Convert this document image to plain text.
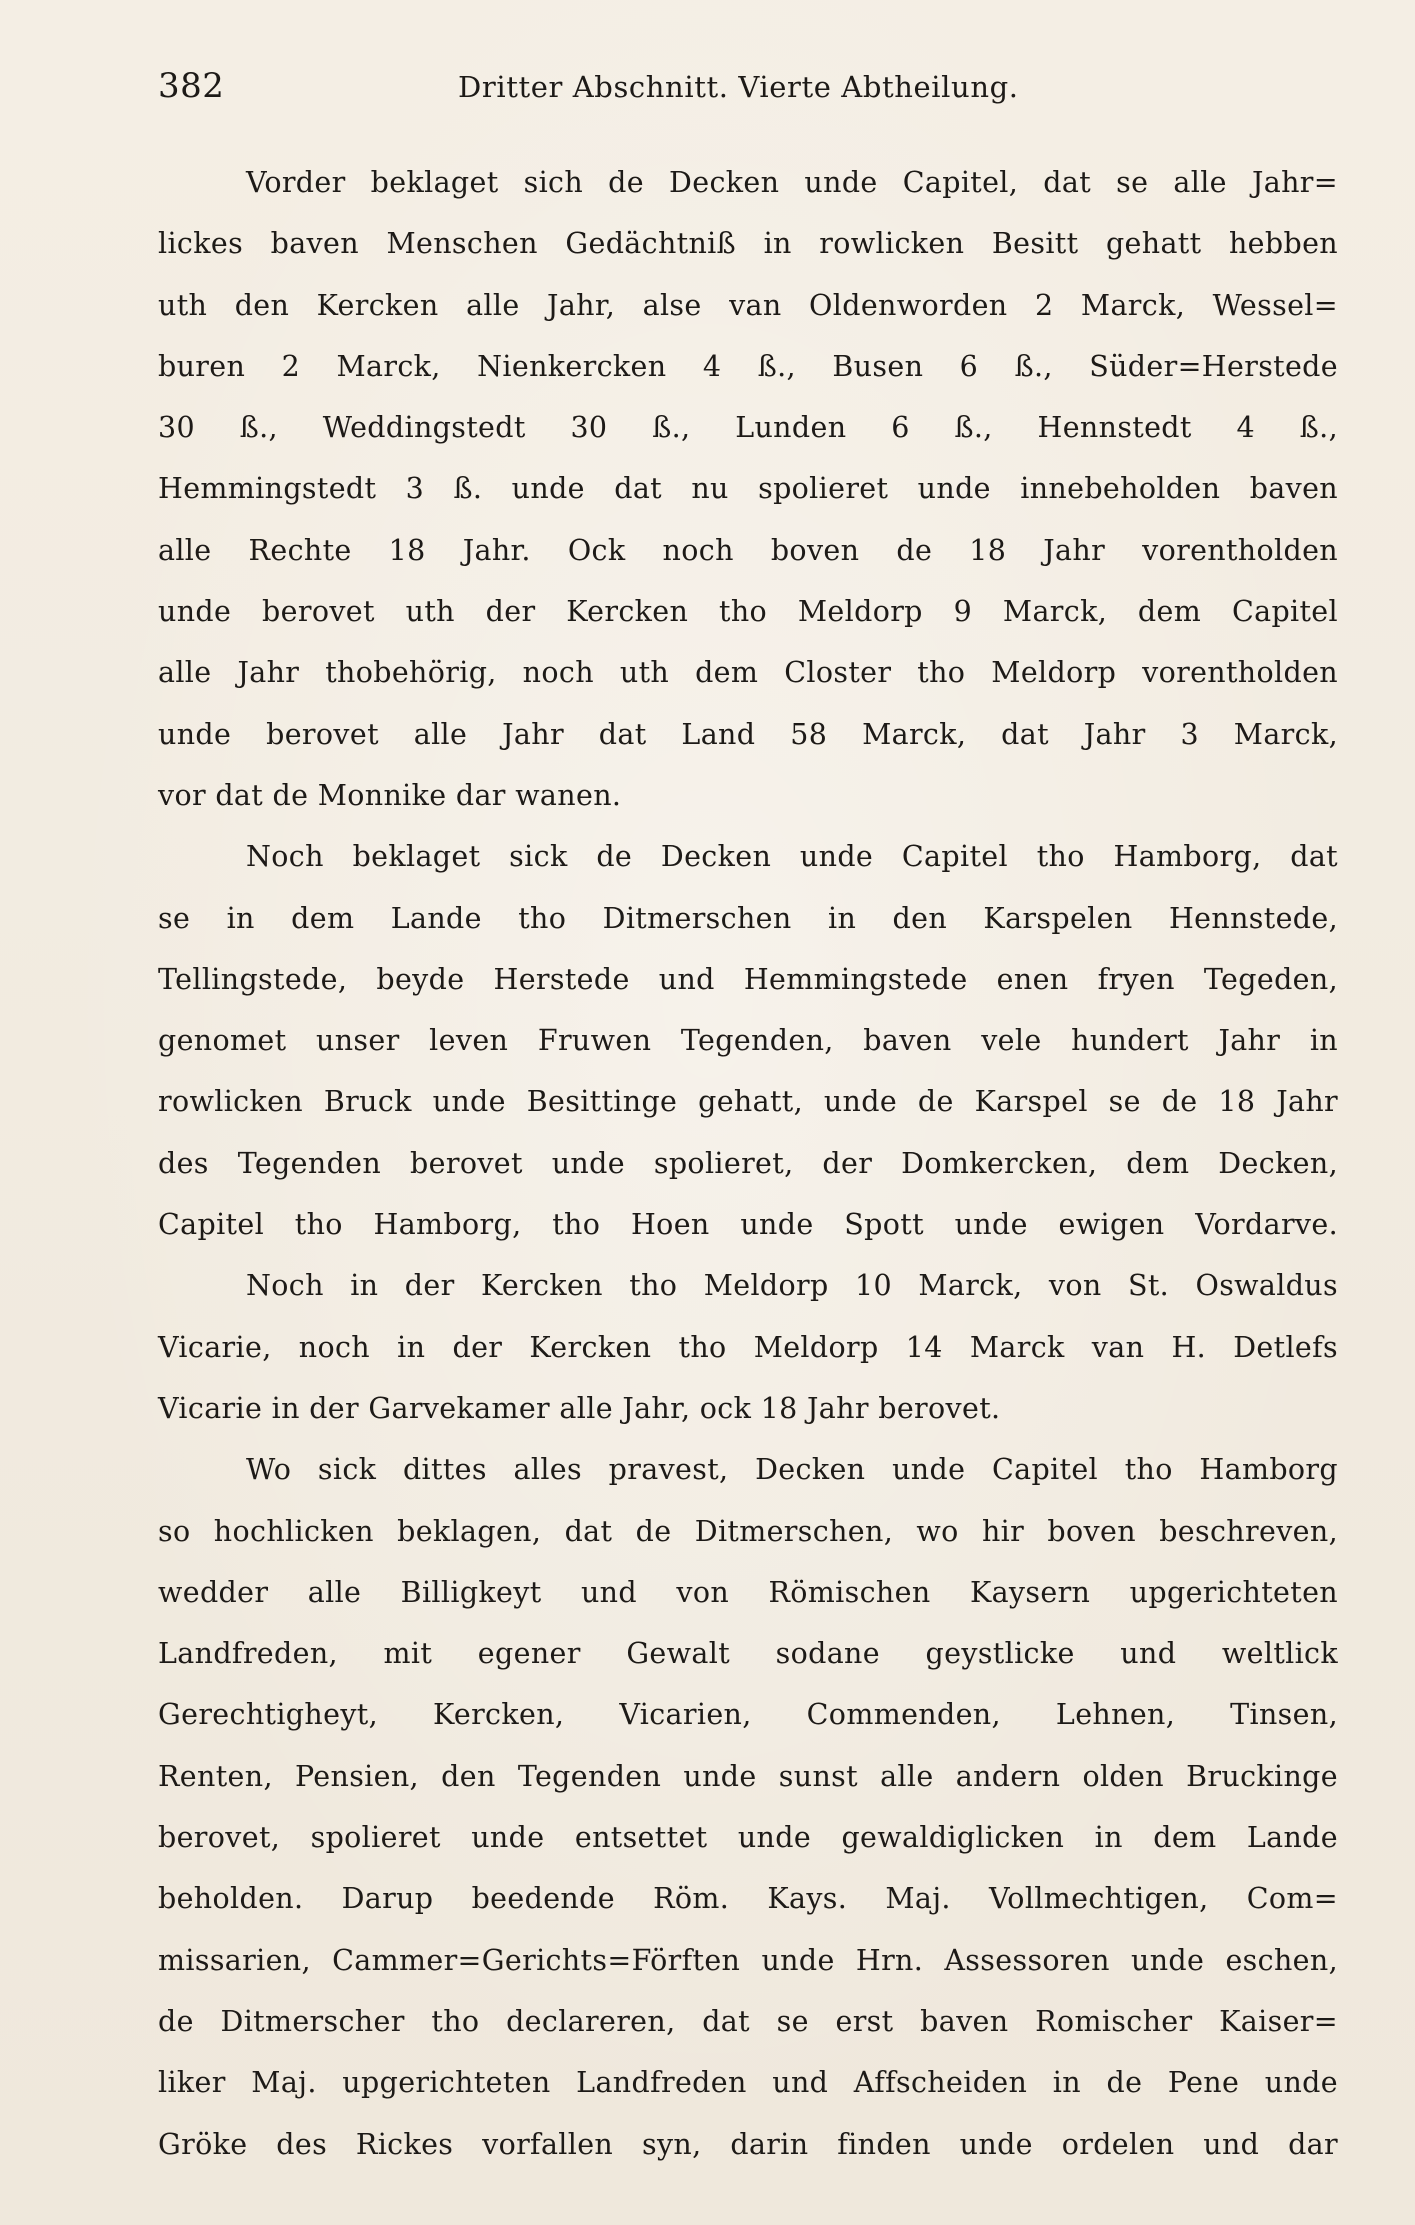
382	Dritter Abschnitt. Vierte Abtheilung.
Vorder beklaget sich de Decken unde Capitel, dat se alle Jahr=
lickes baven Menschen Gedächtniß in rowlicken Besitt gehatt hebben
uth den Kercken alle Jahr, alse van Oldenworden 2 Marck, Wessel=
buren 2 Marck, Nienkercken 4 ß., Busen 6 ß., Süder=Herstede
30 ß., Weddingstedt 30 ß., Lunden 6 ß., Hennstedt 4 ß.,
Hemmingstedt 3 ß. unde dat nu spolieret unde innebeholden baven
alle Rechte 18 Jahr. Ock noch boven de 18 Jahr vorentholden
unde berovet uth der Kercken tho Meldorp 9 Marck, dem Capitel
alle Jahr thobehörig, noch uth dem Closter tho Meldorp vorentholden
unde berovet alle Jahr dat Land 58 Marck, dat Jahr 3 Marck,
vor dat de Monnike dar wanen.
Noch beklaget sick de Decken unde Capitel tho Hamborg, dat
se in dem Lande tho Ditmerschen in den Karspelen Hennstede,
Tellingstede, beyde Herstede und Hemmingstede enen fryen Tegeden,
genomet unser leven Fruwen Tegenden, baven vele hundert Jahr in
rowlicken Bruck unde Besittinge gehatt, unde de Karspel se de 18 Jahr
des Tegenden berovet unde spolieret, der Domkercken, dem Decken,
Capitel tho Hamborg, tho Hoen unde Spott unde ewigen Vordarve.
Noch in der Kercken tho Meldorp 10 Marck, von St. Oswaldus
Vicarie, noch in der Kercken tho Meldorp 14 Marck van H. Detlefs
Vicarie in der Garvekamer alle Jahr, ock 18 Jahr berovet.
Wo sick dittes alles pravest, Decken unde Capitel tho Hamborg
so hochlicken beklagen, dat de Ditmerschen, wo hir boven beschreven,
wedder alle Billigkeyt und von Römischen Kaysern upgerichteten
Landfreden, mit egener Gewalt sodane geystlicke und weltlick
Gerechtigheyt, Kercken, Vicarien, Commenden, Lehnen, Tinsen,
Renten, Pensien, den Tegenden unde sunst alle andern olden Bruckinge
berovet, spolieret unde entsettet unde gewaldiglicken in dem Lande
beholden. Darup beedende Röm. Kays. Maj. Vollmechtigen, Com=
missarien, Cammer=Gerichts=Förften unde Hrn. Assessoren unde eschen,
de Ditmerscher tho declareren, dat se erst baven Romischer Kaiser=
liker Maj. upgerichteten Landfreden und Affscheiden in de Pene unde
Gröke des Rickes vorfallen syn, darin finden unde ordelen und dar
